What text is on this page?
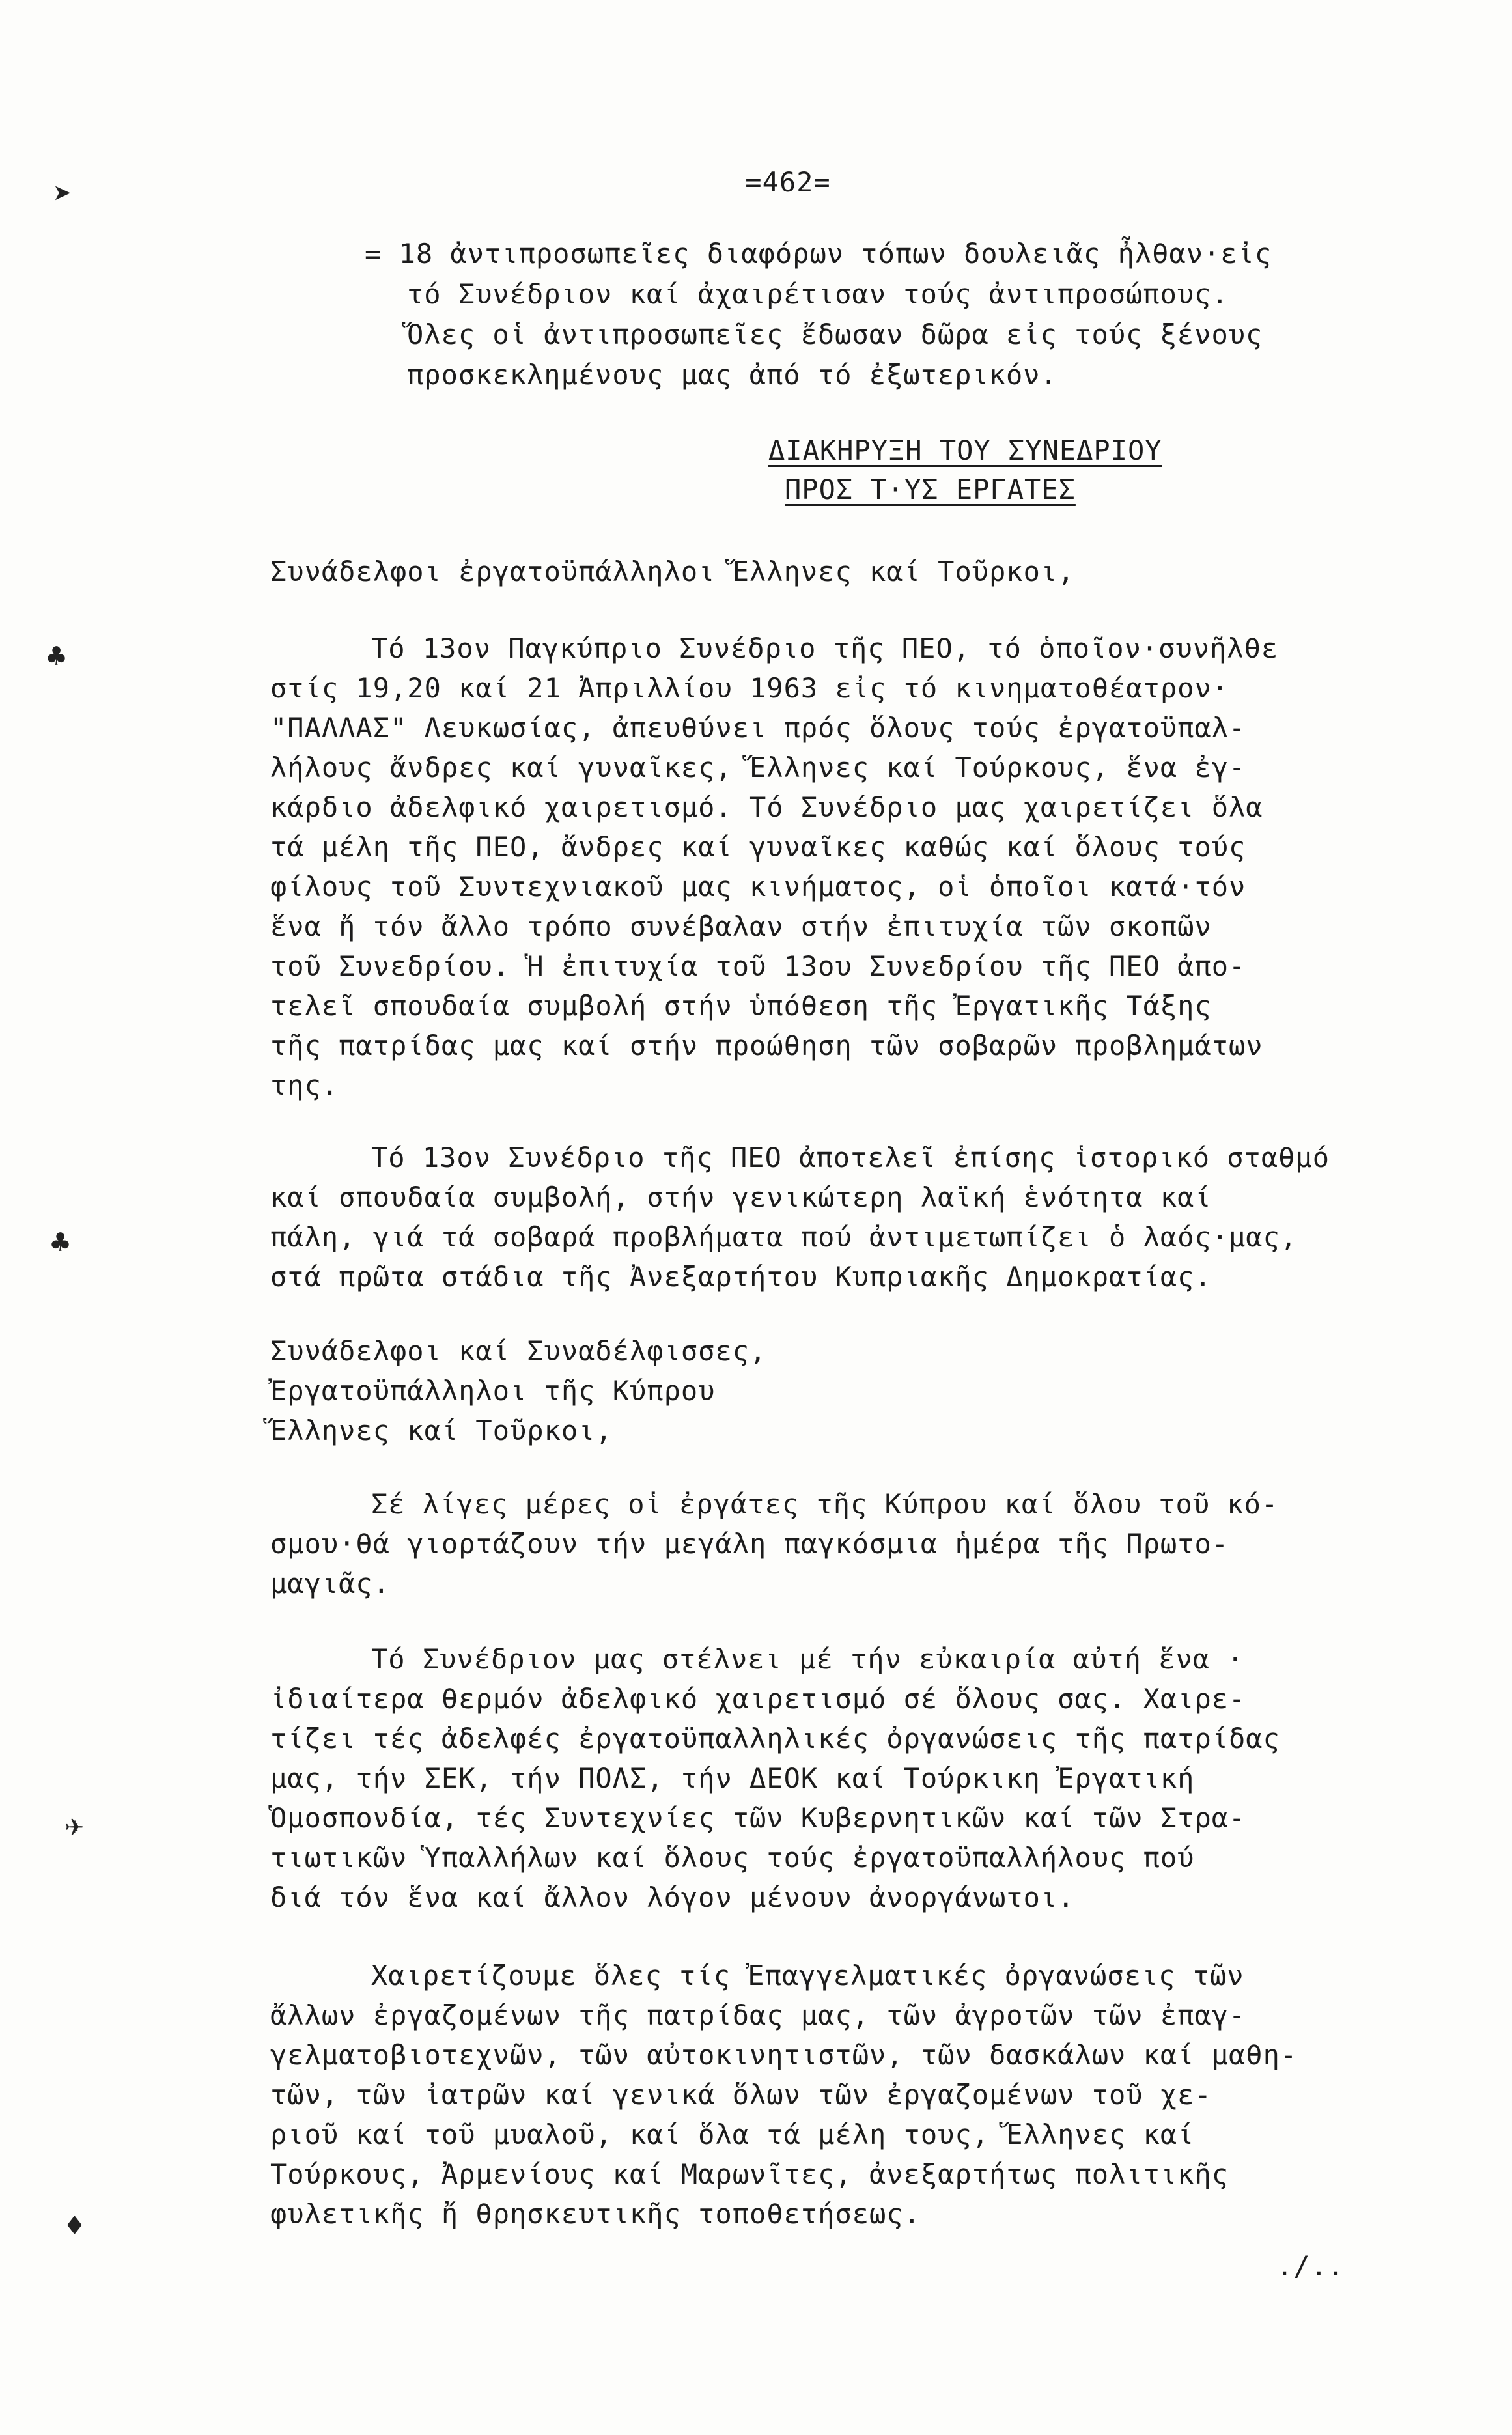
=462=
= 18 ἀντιπροσωπεῖες διαφόρων τόπων δουλειᾶς ἦλθαν·εἰς
τό Συνέδριον καί ἀχαιρέτισαν τούς ἀντιπροσώπους.
Ὅλες οἱ ἀντιπροσωπεῖες ἔδωσαν δῶρα εἰς τούς ξένους
προσκεκλημένους μας ἀπό τό ἐξωτερικόν.
ΔΙΑΚΗΡΥΞΗ ΤΟΥ ΣΥΝΕΔΡΙΟΥ
ΠΡΟΣ Τ·ΥΣ ΕΡΓΑΤΕΣ
Συνάδελφοι ἐργατοϋπάλληλοι Ἕλληνες καί Τοῦρκοι,
Τό 13ον Παγκύπριο Συνέδριο τῆς ΠΕΟ, τό ὁποῖον·συνῆλθε
στίς 19,20 καί 21 Ἀπριλλίου 1963 εἰς τό κινηματοθέατρον·
"ΠΑΛΛΑΣ" Λευκωσίας, ἀπευθύνει πρός ὅλους τούς ἐργατοϋπαλ-
λήλους ἄνδρες καί γυναῖκες, Ἕλληνες καί Τούρκους, ἕνα ἐγ-
κάρδιο ἀδελφικό χαιρετισμό. Τό Συνέδριο μας χαιρετίζει ὅλα
τά μέλη τῆς ΠΕΟ, ἄνδρες καί γυναῖκες καθώς καί ὅλους τούς
φίλους τοῦ Συντεχνιακοῦ μας κινήματος, οἱ ὁποῖοι κατά·τόν
ἕνα ἤ τόν ἄλλο τρόπο συνέβαλαν στήν ἐπιτυχία τῶν σκοπῶν
τοῦ Συνεδρίου. Ἡ ἐπιτυχία τοῦ 13ου Συνεδρίου τῆς ΠΕΟ ἀπο-
τελεῖ σπουδαία συμβολή στήν ὑπόθεση τῆς Ἐργατικῆς Τάξης
τῆς πατρίδας μας καί στήν προώθηση τῶν σοβαρῶν προβλημάτων
της.
Τό 13ον Συνέδριο τῆς ΠΕΟ ἀποτελεῖ ἐπίσης ἱστορικό σταθμό
καί σπουδαία συμβολή, στήν γενικώτερη λαϊκή ἑνότητα καί
πάλη, γιά τά σοβαρά προβλήματα πού ἀντιμετωπίζει ὁ λαός·μας,
στά πρῶτα στάδια τῆς Ἀνεξαρτήτου Κυπριακῆς Δημοκρατίας.
Συνάδελφοι καί Συναδέλφισσες,
Ἐργατοϋπάλληλοι τῆς Κύπρου
Ἕλληνες καί Τοῦρκοι,
Σέ λίγες μέρες οἱ ἐργάτες τῆς Κύπρου καί ὅλου τοῦ κό-
σμου·θά γιορτάζουν τήν μεγάλη παγκόσμια ἡμέρα τῆς Πρωτο-
μαγιᾶς.
Τό Συνέδριον μας στέλνει μέ τήν εὐκαιρία αὐτή ἕνα ·
ἰδιαίτερα θερμόν ἀδελφικό χαιρετισμό σέ ὅλους σας. Χαιρε-
τίζει τές ἀδελφές ἐργατοϋπαλληλικές ὀργανώσεις τῆς πατρίδας
μας, τήν ΣΕΚ, τήν ΠΟΛΣ, τήν ΔΕΟΚ καί Τούρκικη Ἐργατική
Ὁμοσπονδία, τές Συντεχνίες τῶν Κυβερνητικῶν καί τῶν Στρα-
τιωτικῶν Ὑπαλλήλων καί ὅλους τούς ἐργατοϋπαλλήλους πού
διά τόν ἕνα καί ἄλλον λόγον μένουν ἀνοργάνωτοι.
Χαιρετίζουμε ὅλες τίς Ἐπαγγελματικές ὀργανώσεις τῶν
ἄλλων ἐργαζομένων τῆς πατρίδας μας, τῶν ἀγροτῶν τῶν ἐπαγ-
γελματοβιοτεχνῶν, τῶν αὐτοκινητιστῶν, τῶν δασκάλων καί μαθη-
τῶν, τῶν ἰατρῶν καί γενικά ὅλων τῶν ἐργαζομένων τοῦ χε-
ριοῦ καί τοῦ μυαλοῦ, καί ὅλα τά μέλη τους, Ἕλληνες καί
Τούρκους, Ἀρμενίους καί Μαρωνῖτες, ἀνεξαρτήτως πολιτικῆς
φυλετικῆς ἤ θρησκευτικῆς τοποθετήσεως.
./..
➤
♣
♣
✈
♦
